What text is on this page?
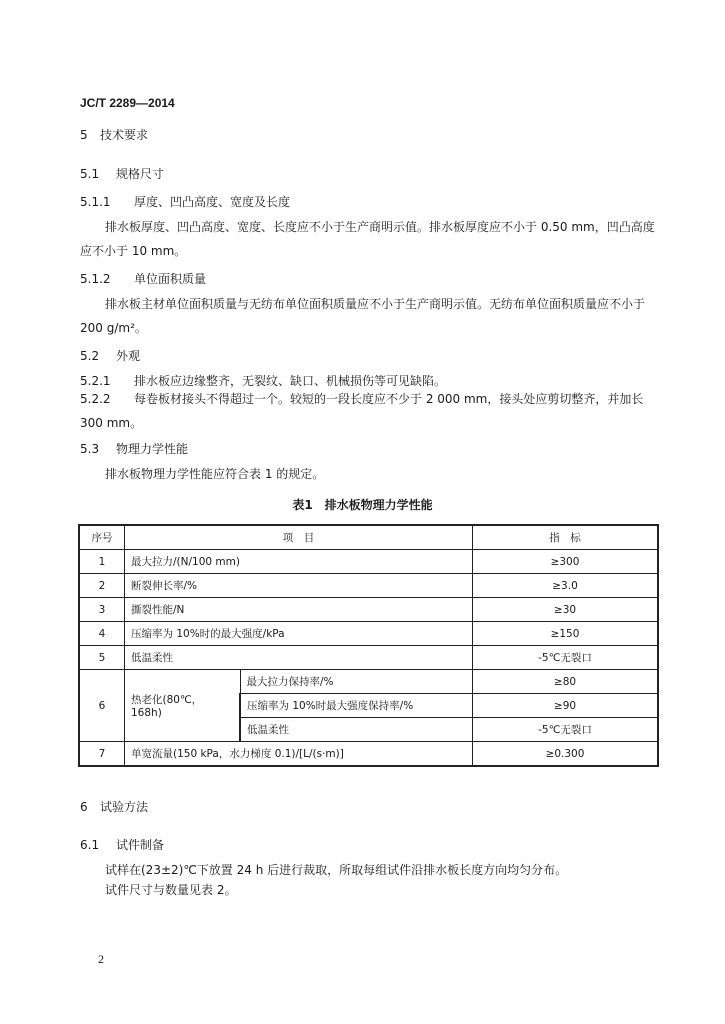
JC/T 2289—2014
5 技术要求
5.1 规格尺寸
5.1.1 厚度、凹凸高度、宽度及长度
排水板厚度、凹凸高度、宽度、长度应不小于生产商明示值。排水板厚度应不小于 0.50 mm，凹凸高度应不小于 10 mm。
5.1.2 单位面积质量
排水板主材单位面积质量与无纺布单位面积质量应不小于生产商明示值。无纺布单位面积质量应不小于 200 g/m²。
5.2 外观
5.2.1 排水板应边缘整齐，无裂纹、缺口、机械损伤等可见缺陷。
5.2.2 每卷板材接头不得超过一个。较短的一段长度应不少于 2 000 mm，接头处应剪切整齐，并加长 300 mm。
5.3 物理力学性能
排水板物理力学性能应符合表 1 的规定。
表1　排水板物理力学性能
序号	项　目		指　标
1	最大拉力/(N/100 mm)		≥300
2	断裂伸长率/%		≥3.0
3	撕裂性能/N		≥30
4	压缩率为 10%时的最大强度/kPa		≥150
5	低温柔性		-5℃无裂口
6	热老化(80℃，168h)	最大拉力保持率/%	≥80
		压缩率为 10%时最大强度保持率/%	≥90
		低温柔性	-5℃无裂口
7	单宽流量(150 kPa，水力梯度 0.1)/[L/(s·m)]		≥0.300
6 试验方法
6.1 试件制备
试样在(23±2)℃下放置 24 h 后进行裁取，所取每组试件沿排水板长度方向均匀分布。
试件尺寸与数量见表 2。
2
